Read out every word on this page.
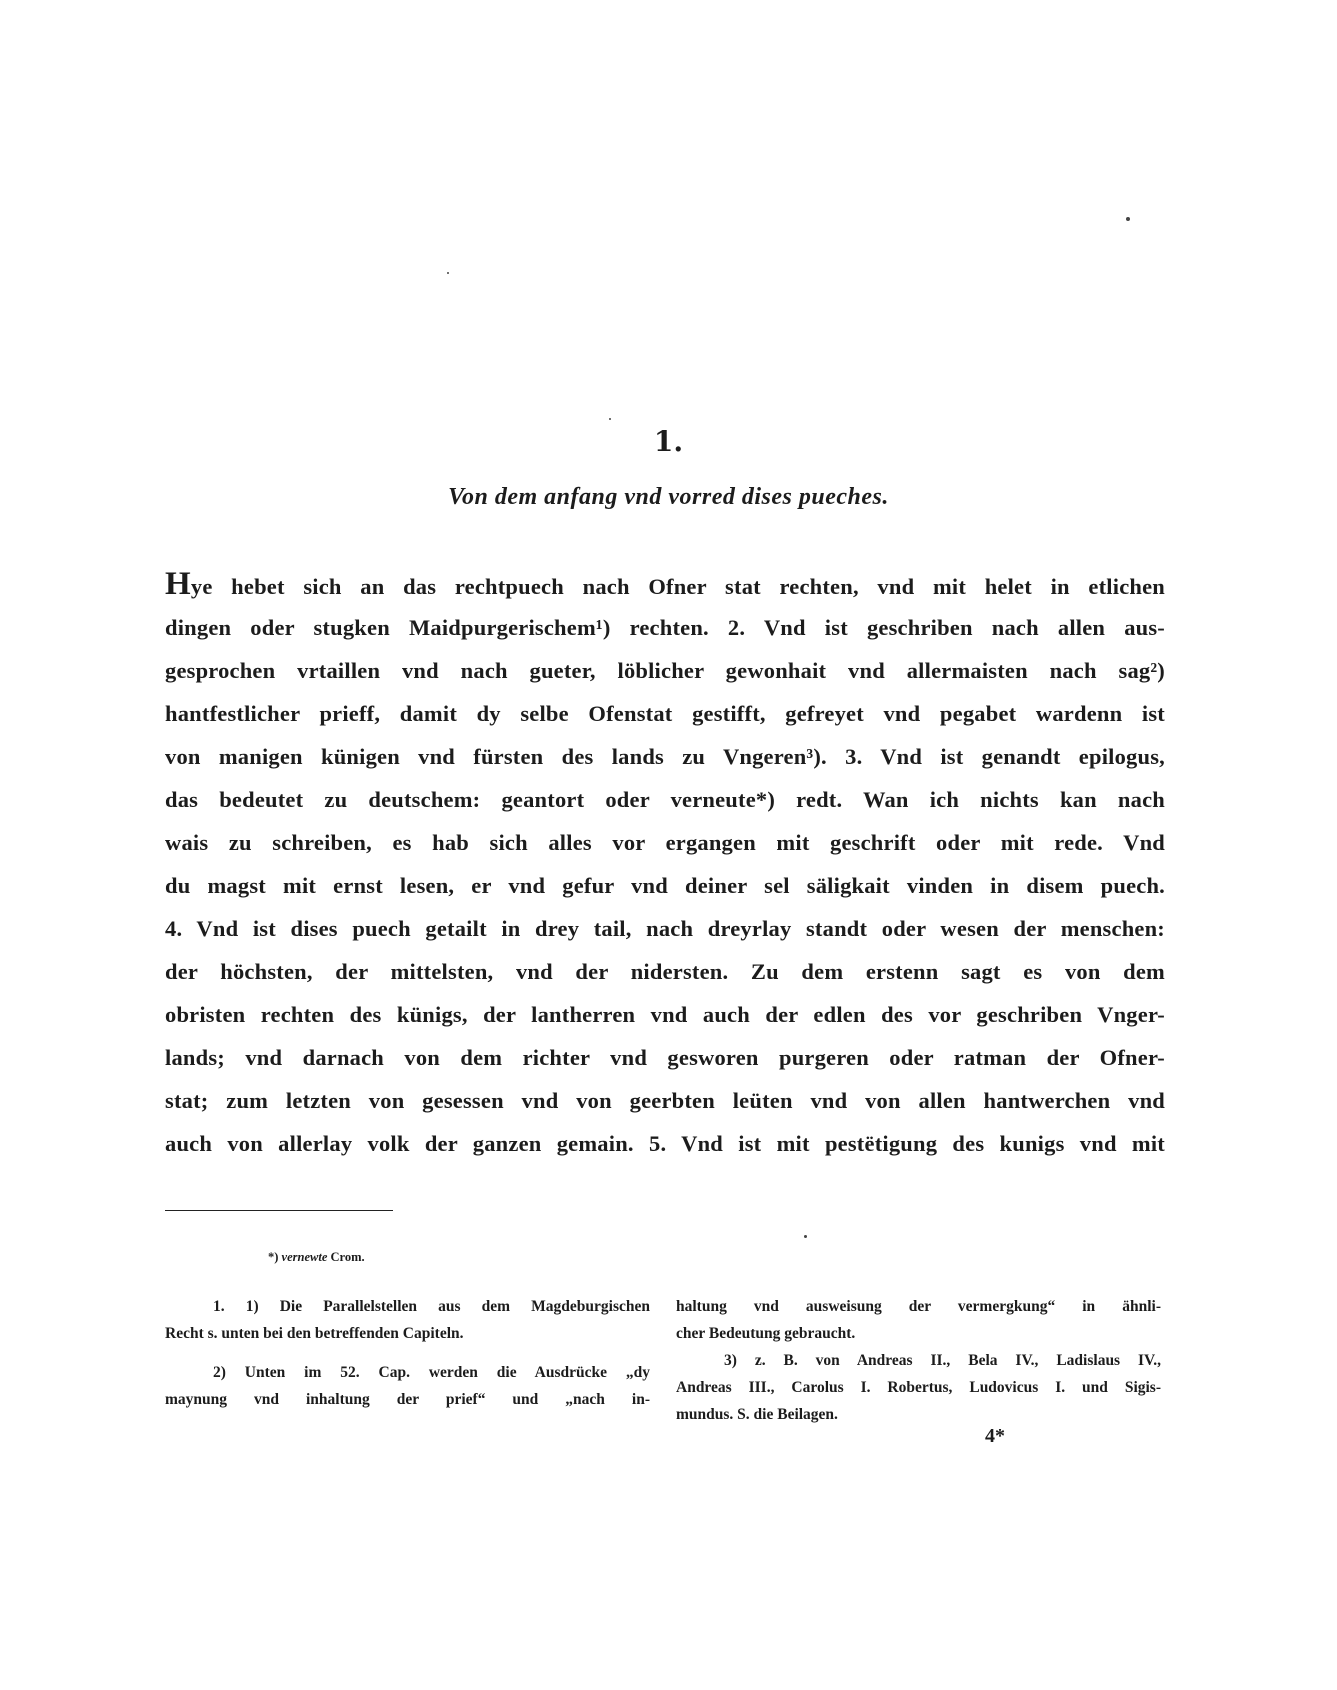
1.
Von dem anfang vnd vorred dises pueches.
Hye hebet sich an das rechtpuech nach Ofner stat rechten, vnd mit helet in etlichen
dingen oder stugken Maidpurgerischem¹) rechten. 2. Vnd ist geschriben nach allen aus-
gesprochen vrtaillen vnd nach gueter, löblicher gewonhait vnd allermaisten nach sag²)
hantfestlicher prieff, damit dy selbe Ofenstat gestifft, gefreyet vnd pegabet wardenn ist
von manigen künigen vnd fürsten des lands zu Vngeren³). 3. Vnd ist genandt epilogus,
das bedeutet zu deutschem: geantort oder verneute*) redt. Wan ich nichts kan nach
wais zu schreiben, es hab sich alles vor ergangen mit geschrift oder mit rede. Vnd
du magst mit ernst lesen, er vnd gefur vnd deiner sel säligkait vinden in disem puech.
4. Vnd ist dises puech getailt in drey tail, nach dreyrlay standt oder wesen der menschen:
der höchsten, der mittelsten, vnd der nidersten. Zu dem erstenn sagt es von dem
obristen rechten des künigs, der lantherren vnd auch der edlen des vor geschriben Vnger-
lands; vnd darnach von dem richter vnd gesworen purgeren oder ratman der Ofner-
stat; zum letzten von gesessen vnd von geerbten leüten vnd von allen hantwerchen vnd
auch von allerlay volk der ganzen gemain. 5. Vnd ist mit pestëtigung des kunigs vnd mit
*) vernewte Crom.
1. 1) Die Parallelstellen aus dem Magdeburgischen
Recht s. unten bei den betreffenden Capiteln.
2) Unten im 52. Cap. werden die Ausdrücke „dy
maynung vnd inhaltung der prief“ und „nach in-
haltung vnd ausweisung der vermergkung“ in ähnli-
cher Bedeutung gebraucht.
3) z. B. von Andreas II., Bela IV., Ladislaus IV.,
Andreas III., Carolus I. Robertus, Ludovicus I. und Sigis-
mundus. S. die Beilagen.
4*
